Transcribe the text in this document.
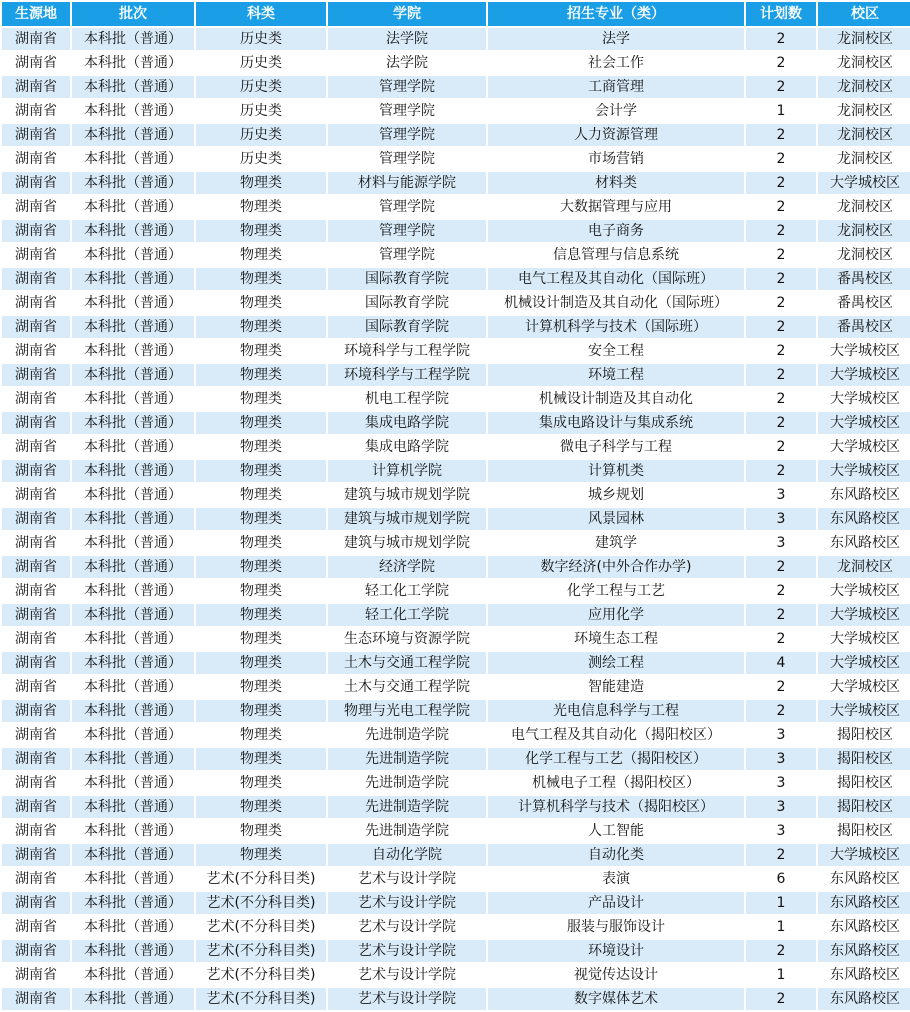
生源地	批次	科类	学院	招生专业（类）	计划数	校区
湖南省	本科批（普通）	历史类	法学院	法学	2	龙洞校区
湖南省	本科批（普通）	历史类	法学院	社会工作	2	龙洞校区
湖南省	本科批（普通）	历史类	管理学院	工商管理	2	龙洞校区
湖南省	本科批（普通）	历史类	管理学院	会计学	1	龙洞校区
湖南省	本科批（普通）	历史类	管理学院	人力资源管理	2	龙洞校区
湖南省	本科批（普通）	历史类	管理学院	市场营销	2	龙洞校区
湖南省	本科批（普通）	物理类	材料与能源学院	材料类	2	大学城校区
湖南省	本科批（普通）	物理类	管理学院	大数据管理与应用	2	龙洞校区
湖南省	本科批（普通）	物理类	管理学院	电子商务	2	龙洞校区
湖南省	本科批（普通）	物理类	管理学院	信息管理与信息系统	2	龙洞校区
湖南省	本科批（普通）	物理类	国际教育学院	电气工程及其自动化（国际班）	2	番禺校区
湖南省	本科批（普通）	物理类	国际教育学院	机械设计制造及其自动化（国际班）	2	番禺校区
湖南省	本科批（普通）	物理类	国际教育学院	计算机科学与技术（国际班）	2	番禺校区
湖南省	本科批（普通）	物理类	环境科学与工程学院	安全工程	2	大学城校区
湖南省	本科批（普通）	物理类	环境科学与工程学院	环境工程	2	大学城校区
湖南省	本科批（普通）	物理类	机电工程学院	机械设计制造及其自动化	2	大学城校区
湖南省	本科批（普通）	物理类	集成电路学院	集成电路设计与集成系统	2	大学城校区
湖南省	本科批（普通）	物理类	集成电路学院	微电子科学与工程	2	大学城校区
湖南省	本科批（普通）	物理类	计算机学院	计算机类	2	大学城校区
湖南省	本科批（普通）	物理类	建筑与城市规划学院	城乡规划	3	东风路校区
湖南省	本科批（普通）	物理类	建筑与城市规划学院	风景园林	3	东风路校区
湖南省	本科批（普通）	物理类	建筑与城市规划学院	建筑学	3	东风路校区
湖南省	本科批（普通）	物理类	经济学院	数字经济(中外合作办学)	2	龙洞校区
湖南省	本科批（普通）	物理类	轻工化工学院	化学工程与工艺	2	大学城校区
湖南省	本科批（普通）	物理类	轻工化工学院	应用化学	2	大学城校区
湖南省	本科批（普通）	物理类	生态环境与资源学院	环境生态工程	2	大学城校区
湖南省	本科批（普通）	物理类	土木与交通工程学院	测绘工程	4	大学城校区
湖南省	本科批（普通）	物理类	土木与交通工程学院	智能建造	2	大学城校区
湖南省	本科批（普通）	物理类	物理与光电工程学院	光电信息科学与工程	2	大学城校区
湖南省	本科批（普通）	物理类	先进制造学院	电气工程及其自动化（揭阳校区）	3	揭阳校区
湖南省	本科批（普通）	物理类	先进制造学院	化学工程与工艺（揭阳校区）	3	揭阳校区
湖南省	本科批（普通）	物理类	先进制造学院	机械电子工程（揭阳校区）	3	揭阳校区
湖南省	本科批（普通）	物理类	先进制造学院	计算机科学与技术（揭阳校区）	3	揭阳校区
湖南省	本科批（普通）	物理类	先进制造学院	人工智能	3	揭阳校区
湖南省	本科批（普通）	物理类	自动化学院	自动化类	2	大学城校区
湖南省	本科批（普通）	艺术(不分科目类)	艺术与设计学院	表演	6	东风路校区
湖南省	本科批（普通）	艺术(不分科目类)	艺术与设计学院	产品设计	1	东风路校区
湖南省	本科批（普通）	艺术(不分科目类)	艺术与设计学院	服装与服饰设计	1	东风路校区
湖南省	本科批（普通）	艺术(不分科目类)	艺术与设计学院	环境设计	2	东风路校区
湖南省	本科批（普通）	艺术(不分科目类)	艺术与设计学院	视觉传达设计	1	东风路校区
湖南省	本科批（普通）	艺术(不分科目类)	艺术与设计学院	数字媒体艺术	2	东风路校区
